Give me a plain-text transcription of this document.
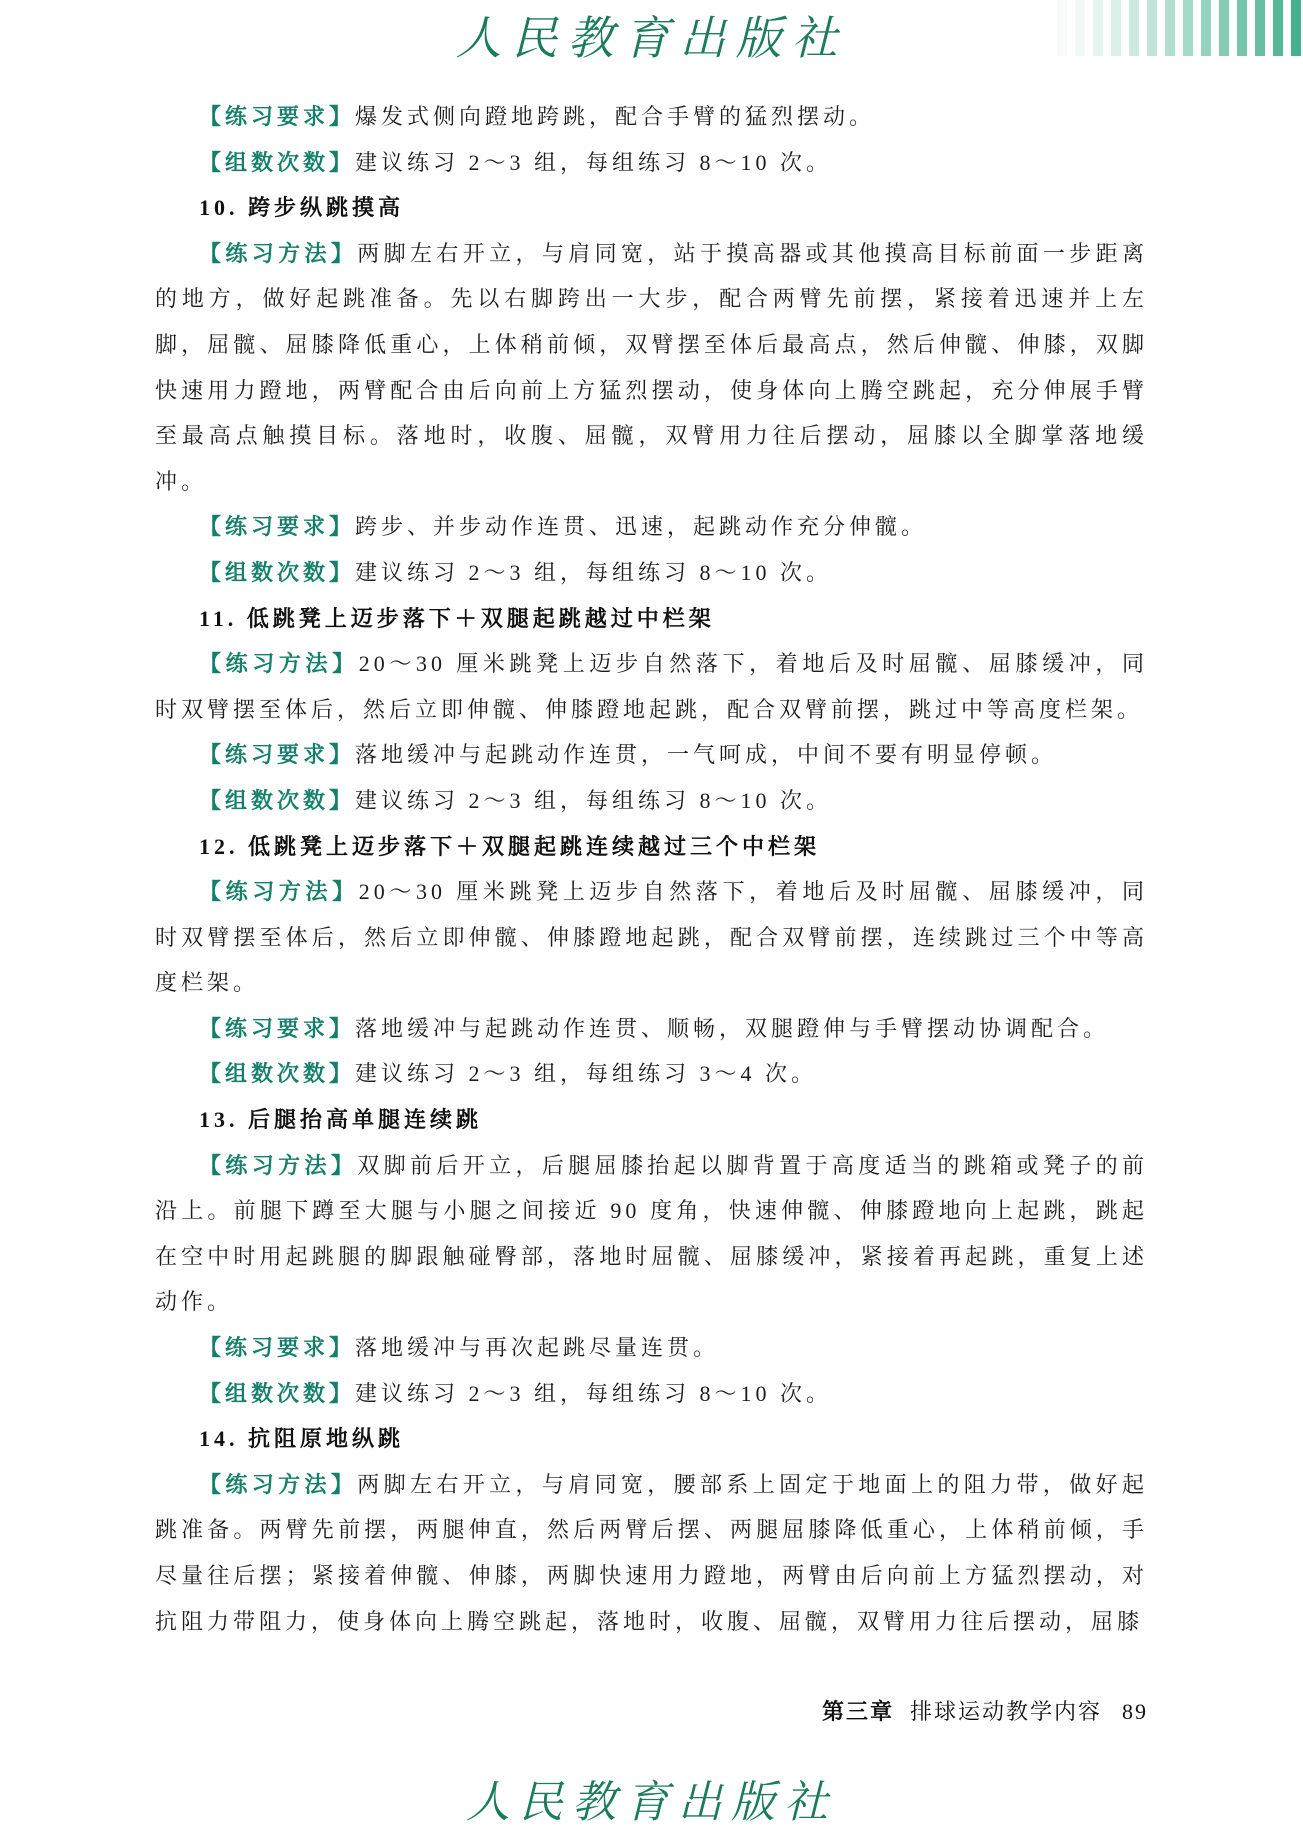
人民教育出版社

【练习要求】爆发式侧向蹬地跨跳，配合手臂的猛烈摆动。

【组数次数】建议练习 2～3 组，每组练习 8～10 次。

10. 跨步纵跳摸高

【练习方法】两脚左右开立，与肩同宽，站于摸高器或其他摸高目标前面一步距离的地方，做好起跳准备。先以右脚跨出一大步，配合两臂先前摆，紧接着迅速并上左脚，屈髋、屈膝降低重心，上体稍前倾，双臂摆至体后最高点，然后伸髋、伸膝，双脚快速用力蹬地，两臂配合由后向前上方猛烈摆动，使身体向上腾空跳起，充分伸展手臂至最高点触摸目标。落地时，收腹、屈髋，双臂用力往后摆动，屈膝以全脚掌落地缓冲。

【练习要求】跨步、并步动作连贯、迅速，起跳动作充分伸髋。

【组数次数】建议练习 2～3 组，每组练习 8～10 次。

11. 低跳凳上迈步落下＋双腿起跳越过中栏架

【练习方法】20～30 厘米跳凳上迈步自然落下，着地后及时屈髋、屈膝缓冲，同时双臂摆至体后，然后立即伸髋、伸膝蹬地起跳，配合双臂前摆，跳过中等高度栏架。

【练习要求】落地缓冲与起跳动作连贯，一气呵成，中间不要有明显停顿。

【组数次数】建议练习 2～3 组，每组练习 8～10 次。

12. 低跳凳上迈步落下＋双腿起跳连续越过三个中栏架

【练习方法】20～30 厘米跳凳上迈步自然落下，着地后及时屈髋、屈膝缓冲，同时双臂摆至体后，然后立即伸髋、伸膝蹬地起跳，配合双臂前摆，连续跳过三个中等高度栏架。

【练习要求】落地缓冲与起跳动作连贯、顺畅，双腿蹬伸与手臂摆动协调配合。

【组数次数】建议练习 2～3 组，每组练习 3～4 次。

13. 后腿抬高单腿连续跳

【练习方法】双脚前后开立，后腿屈膝抬起以脚背置于高度适当的跳箱或凳子的前沿上。前腿下蹲至大腿与小腿之间接近 90 度角，快速伸髋、伸膝蹬地向上起跳，跳起在空中时用起跳腿的脚跟触碰臀部，落地时屈髋、屈膝缓冲，紧接着再起跳，重复上述动作。

【练习要求】落地缓冲与再次起跳尽量连贯。

【组数次数】建议练习 2～3 组，每组练习 8～10 次。

14. 抗阻原地纵跳

【练习方法】两脚左右开立，与肩同宽，腰部系上固定于地面上的阻力带，做好起跳准备。两臂先前摆，两腿伸直，然后两臂后摆、两腿屈膝降低重心，上体稍前倾，手尽量往后摆；紧接着伸髋、伸膝，两脚快速用力蹬地，两臂由后向前上方猛烈摆动，对抗阻力带阻力，使身体向上腾空跳起，落地时，收腹、屈髋，双臂用力往后摆动，屈膝

第三章 排球运动教学内容 89
人民教育出版社
